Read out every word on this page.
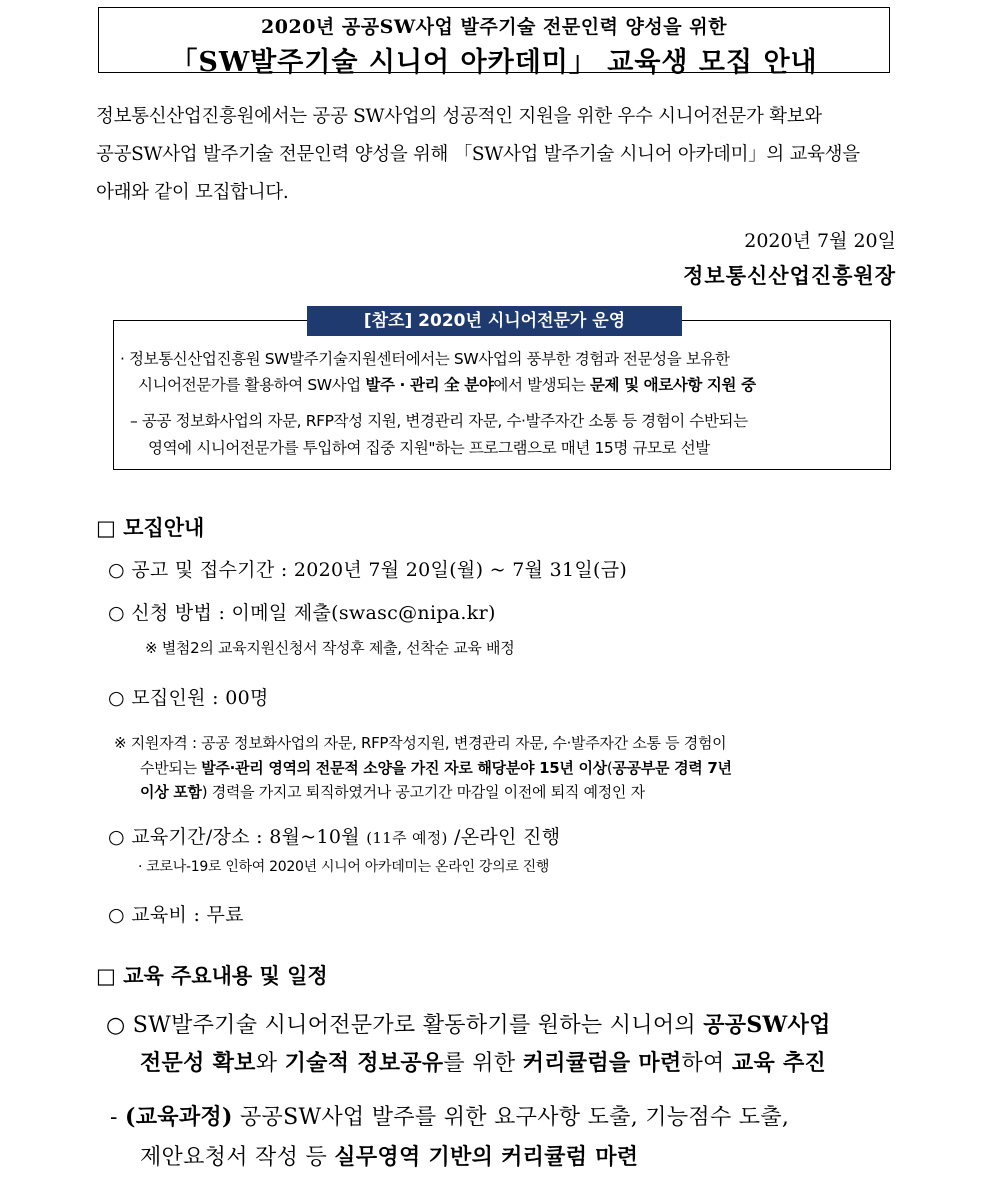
2020년 공공SW사업 발주기술 전문인력 양성을 위한
「SW발주기술 시니어 아카데미」 교육생 모집 안내
정보통신산업진흥원에서는 공공 SW사업의 성공적인 지원을 위한 우수 시니어전문가 확보와
공공SW사업 발주기술 전문인력 양성을 위해 「SW사업 발주기술 시니어 아카데미」의 교육생을
아래와 같이 모집합니다.
2020년 7월 20일
정보통신산업진흥원장
[참조] 2020년 시니어전문가 운영
· 정보통신산업진흥원 SW발주기술지원센터에서는 SW사업의 풍부한 경험과 전문성을 보유한
시니어전문가를 활용하여 SW사업 발주 · 관리 全 분야에서 발생되는 문제 및 애로사항 지원 중
– 공공 정보화사업의 자문, RFP작성 지원, 변경관리 자문, 수·발주자간 소통 등 경험이 수반되는
영역에 시니어전문가를 투입하여 집중 지원"하는 프로그램으로 매년 15명 규모로 선발
□ 모집안내
○ 공고 및 접수기간 : 2020년 7월 20일(월) ~ 7월 31일(금)
○ 신청 방법 : 이메일 제출(swasc@nipa.kr)
※ 별첨2의 교육지원신청서 작성후 제출, 선착순 교육 배정
○ 모집인원 : 00명
※ 지원자격 : 공공 정보화사업의 자문, RFP작성지원, 변경관리 자문, 수·발주자간 소통 등 경험이
수반되는 발주·관리 영역의 전문적 소양을 가진 자로 해당분야 15년 이상(공공부문 경력 7년
이상 포함) 경력을 가지고 퇴직하였거나 공고기간 마감일 이전에 퇴직 예정인 자
○ 교육기간/장소 : 8월~10월 (11주 예정) /온라인 진행
· 코로나-19로 인하여 2020년 시니어 아카데미는 온라인 강의로 진행
○ 교육비 : 무료
□ 교육 주요내용 및 일정
○ SW발주기술 시니어전문가로 활동하기를 원하는 시니어의 공공SW사업
전문성 확보와 기술적 정보공유를 위한 커리큘럼을 마련하여 교육 추진
- (교육과정) 공공SW사업 발주를 위한 요구사항 도출, 기능점수 도출,
제안요청서 작성 등 실무영역 기반의 커리큘럼 마련
